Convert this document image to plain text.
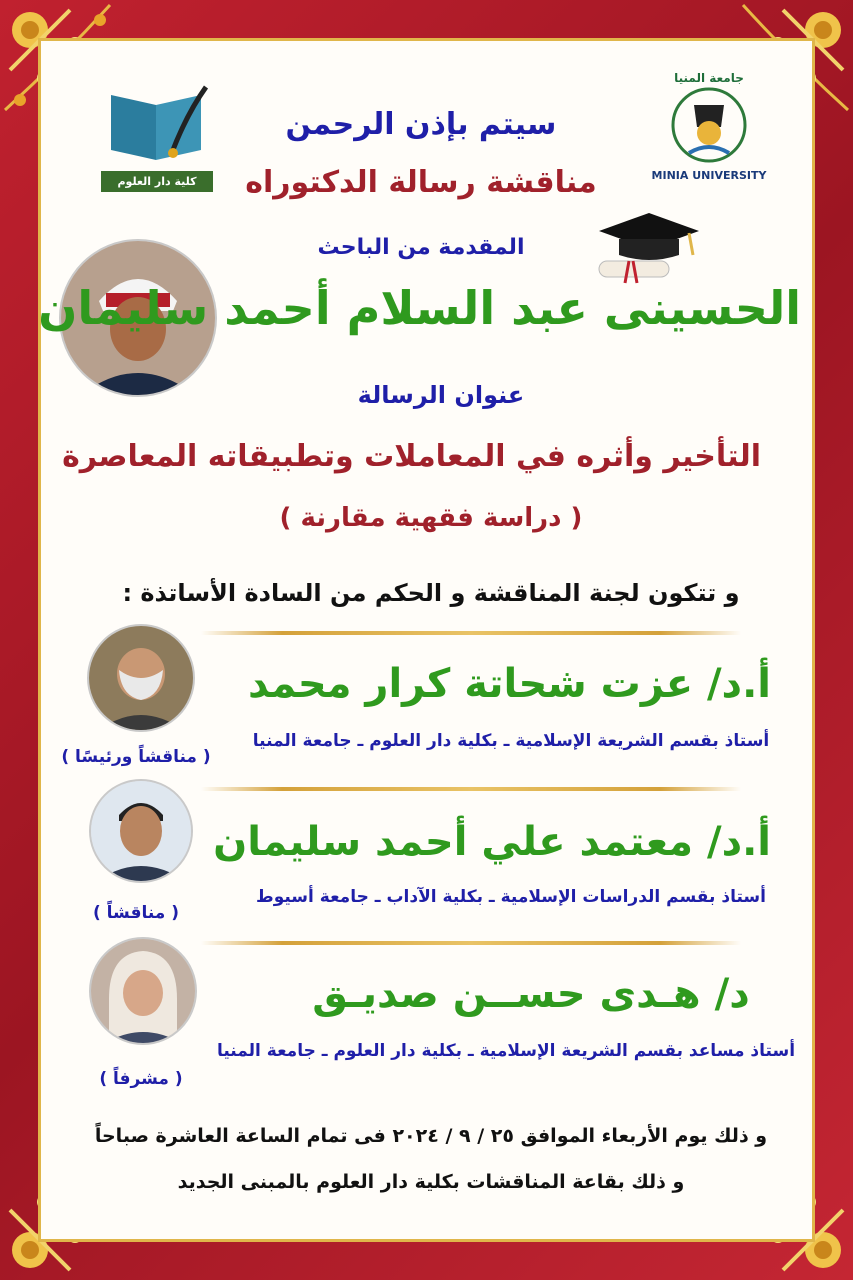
كلية دار العلوم
جامعة المنيا
MINIA UNIVERSITY
سيتم بإذن الرحمن
مناقشة رسالة الدكتوراه
المقدمة من الباحث
الحسينى عبد السلام أحمد سليمان
عنوان الرسالة
التأخير وأثره في المعاملات وتطبيقاته المعاصرة
( دراسة فقهية مقارنة )
و تتكون لجنة المناقشة و الحكم من السادة الأساتذة :
أ.د/ عزت شحاتة كرار محمد
أستاذ بقسم الشريعة الإسلامية ـ بكلية دار العلوم ـ جامعة المنيا
( مناقشاً ورئيسًا )
أ.د/ معتمد علي أحمد سليمان
أستاذ بقسم الدراسات الإسلامية ـ بكلية الآداب ـ جامعة أسيوط
( مناقشاً )
د/ هـدى حســن صديـق
أستاذ مساعد بقسم الشريعة الإسلامية ـ بكلية دار العلوم ـ جامعة المنيا
( مشرفاً )
و ذلك يوم الأربعاء الموافق ٢٥ / ٩ / ٢٠٢٤ فى تمام الساعة العاشرة صباحاً
و ذلك بقاعة المناقشات بكلية دار العلوم بالمبنى الجديد
